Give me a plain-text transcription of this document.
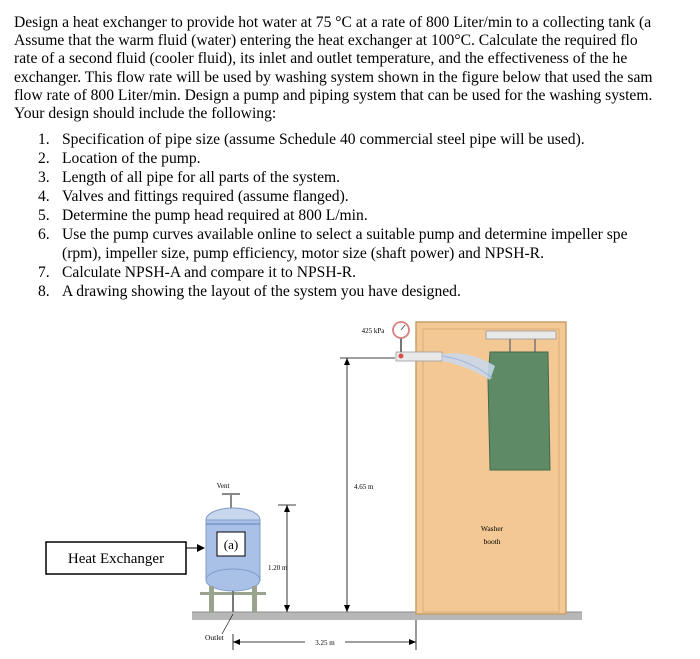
Design a heat exchanger to provide hot water at 75 °C at a rate of 800 Liter/min to a collecting tank (a
Assume that the warm fluid (water) entering the heat exchanger at 100°C. Calculate the required flo
rate of a second fluid (cooler fluid), its inlet and outlet temperature, and the effectiveness of the he
exchanger. This flow rate will be used by washing system shown in the figure below that used the sam
flow rate of 800 Liter/min. Design a pump and piping system that can be used for the washing system.
Your design should include the following:
1. Specification of pipe size (assume Schedule 40 commercial steel pipe will be used).
2. Location of the pump.
3. Length of all pipe for all parts of the system.
4. Valves and fittings required (assume flanged).
5. Determine the pump head required at 800 L/min.
6. Use the pump curves available online to select a suitable pump and determine impeller spe
(rpm), impeller size, pump efficiency, motor size (shaft power) and NPSH-R.
7. Calculate NPSH-A and compare it to NPSH-R.
8. A drawing showing the layout of the system you have designed.
425 kPa
4.65 m
Vent
(a)
Outlet
1.20 m
Heat Exchanger
3.25 m
Washer
booth
